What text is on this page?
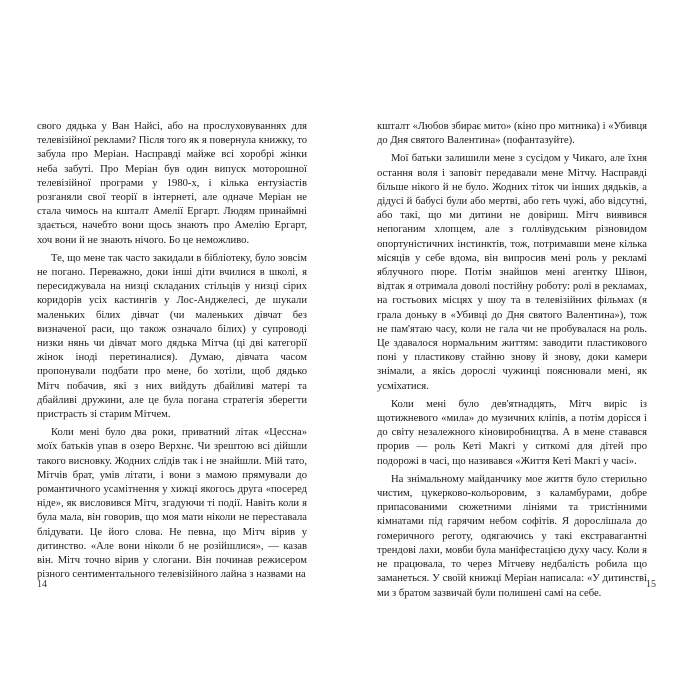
свого дядька у Ван Найсі, або на прослуховуваннях для телевізійної реклами? Після того як я повернула книжку, то забула про Меріан. Насправді майже всі хоробрі жінки неба забуті. Про Меріан був один випуск моторошної телевізійної програми у 1980-х, і кілька ентузіастів розганяли свої теорії в інтернеті, але одначе Меріан не стала чимось на кшталт Амелії Ергарт. Людям принаймні здається, начебто вони щось знають про Амелію Ергарт, хоч вони й не знають нічого. Бо це неможливо.

Те, що мене так часто закидали в бібліотеку, було зовсім не погано. Переважно, доки інші діти вчилися в школі, я пересиджувала на низці складаних стільців у низці сірих коридорів усіх кастингів у Лос-Анджелесі, де шукали маленьких білих дівчат (чи маленьких дівчат без визначеної раси, що також означало білих) у супроводі низки нянь чи дівчат мого дядька Мітча (ці дві категорії жінок іноді перетиналися). Думаю, дівчата часом пропонували подбати про мене, бо хотіли, щоб дядько Мітч побачив, які з них вийдуть дбайливі матері та дбайливі дружини, але це була погана стратегія зберегти пристрасть зі старим Мітчем.

Коли мені було два роки, приватний літак «Цессна» моїх батьків упав в озеро Верхнє. Чи зрештою всі дійшли такого висновку. Жодних слідів так і не знайшли. Мій тато, Мітчів брат, умів літати, і вони з мамою прямували до романтичного усамітнення у хижці якогось друга «посеред ніде», як висловився Мітч, згадуючи ті події. Навіть коли я була мала, він говорив, що моя мати ніколи не переставала блідувати. Це його слова. Не певна, що Мітч вірив у дитинство. «Але вони ніколи б не розійшлися», — казав він. Мітч точно вірив у слогани. Він починав режисером різного сентиментального телевізійного лайна з назвами на

кшталт «Любов збирає мито» (кіно про митника) і «Убивця до Дня святого Валентина» (пофантазуйте).

Мої батьки залишили мене з сусідом у Чикаго, але їхня остання воля і заповіт передавали мене Мітчу. Насправді більше нікого й не було. Жодних тіток чи інших дядьків, а дідусі й бабусі були або мертві, або геть чужі, або відсутні, або такі, що ми дитини не довіриш. Мітч виявився непоганим хлопцем, але з голлівудським різновидом опортуністичних інстинктів, тож, потримавши мене кілька місяців у себе вдома, він випросив мені роль у рекламі яблучного пюре. Потім знайшов мені агентку Шівон, відтак я отримала доволі постійну роботу: ролі в рекламах, на гостьових місцях у шоу та в телевізійних фільмах (я грала доньку в «Убивці до Дня святого Валентина»), тож не пам'ятаю часу, коли не гала чи не пробувалася на роль. Це здавалося нормальним життям: заводити пластикового поні у пластикову стайню знову й знову, доки камери знімали, а якісь дорослі чужинці пояснювали мені, як усміхатися.

Коли мені було дев'ятнадцять, Мітч виріс із щотижневого «мила» до музичних кліпів, а потім дорісся і до світу незалежного кіновиробництва. А в мене ставався прорив — роль Кеті Макгі у ситкомі для дітей про подорожі в часі, що називався «Життя Кеті Макгі у часі».

На знімальному майданчику мое життя було стерильно чистим, цукерково-кольоровим, з каламбурами, добре припасованими сюжетними лініями та тристінними кімнатами під гарячим небом софітів. Я дорослішала до гомеричного реготу, одягаючись у такі екстравагантні трендові лахи, мовби була маніфестацією духу часу. Коли я не працювала, то через Мітчеву недбалість робила що заманеться. У своїй книжці Меріан написала: «У дитинстві ми з братом зазвичай були полишені самі на себе.

14	15
